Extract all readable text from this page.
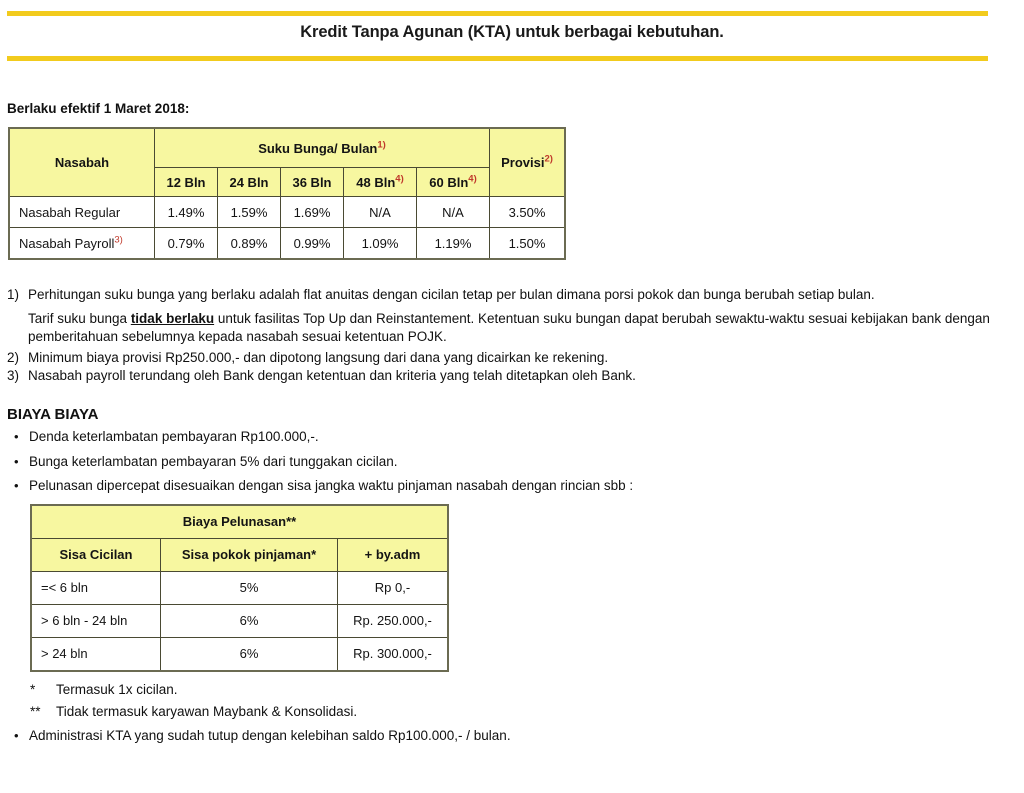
Kredit Tanpa Agunan (KTA) untuk berbagai kebutuhan.
Berlaku efektif 1 Maret 2018:
Nasabah	Suku Bunga/ Bulan$^{1)}$					Provisi$^{2)}$
	12 Bln	24 Bln	36 Bln	48 Bln$^{4)}$	60 Bln$^{4)}$
Nasabah Regular	1.49%	1.59%	1.69%	N/A	N/A	3.50%
Nasabah Payroll$^{3)}$	0.79%	0.89%	0.99%	1.09%	1.19%	1.50%
1) Perhitungan suku bunga yang berlaku adalah flat anuitas dengan cicilan tetap per bulan dimana porsi pokok dan bunga berubah setiap bulan.
Tarif suku bunga tidak berlaku untuk fasilitas Top Up dan Reinstantement. Ketentuan suku bungan dapat berubah sewaktu-waktu sesuai kebijakan bank dengan pemberitahuan sebelumnya kepada nasabah sesuai ketentuan POJK.
2) Minimum biaya provisi Rp250.000,- dan dipotong langsung dari dana yang dicairkan ke rekening.
3) Nasabah payroll terundang oleh Bank dengan ketentuan dan kriteria yang telah ditetapkan oleh Bank.
BIAYA BIAYA
• Denda keterlambatan pembayaran Rp100.000,-.
• Bunga keterlambatan pembayaran 5% dari tunggakan cicilan.
• Pelunasan dipercepat disesuaikan dengan sisa jangka waktu pinjaman nasabah dengan rincian sbb :
Biaya Pelunasan**		
Sisa Cicilan	Sisa pokok pinjaman*	+ by.adm
=< 6 bln	5%	Rp 0,-
> 6 bln - 24 bln	6%	Rp. 250.000,-
> 24 bln	6%	Rp. 300.000,-
*	Termasuk 1x cicilan.
**	Tidak termasuk karyawan Maybank & Konsolidasi.
• Administrasi KTA yang sudah tutup dengan kelebihan saldo Rp100.000,- / bulan.
